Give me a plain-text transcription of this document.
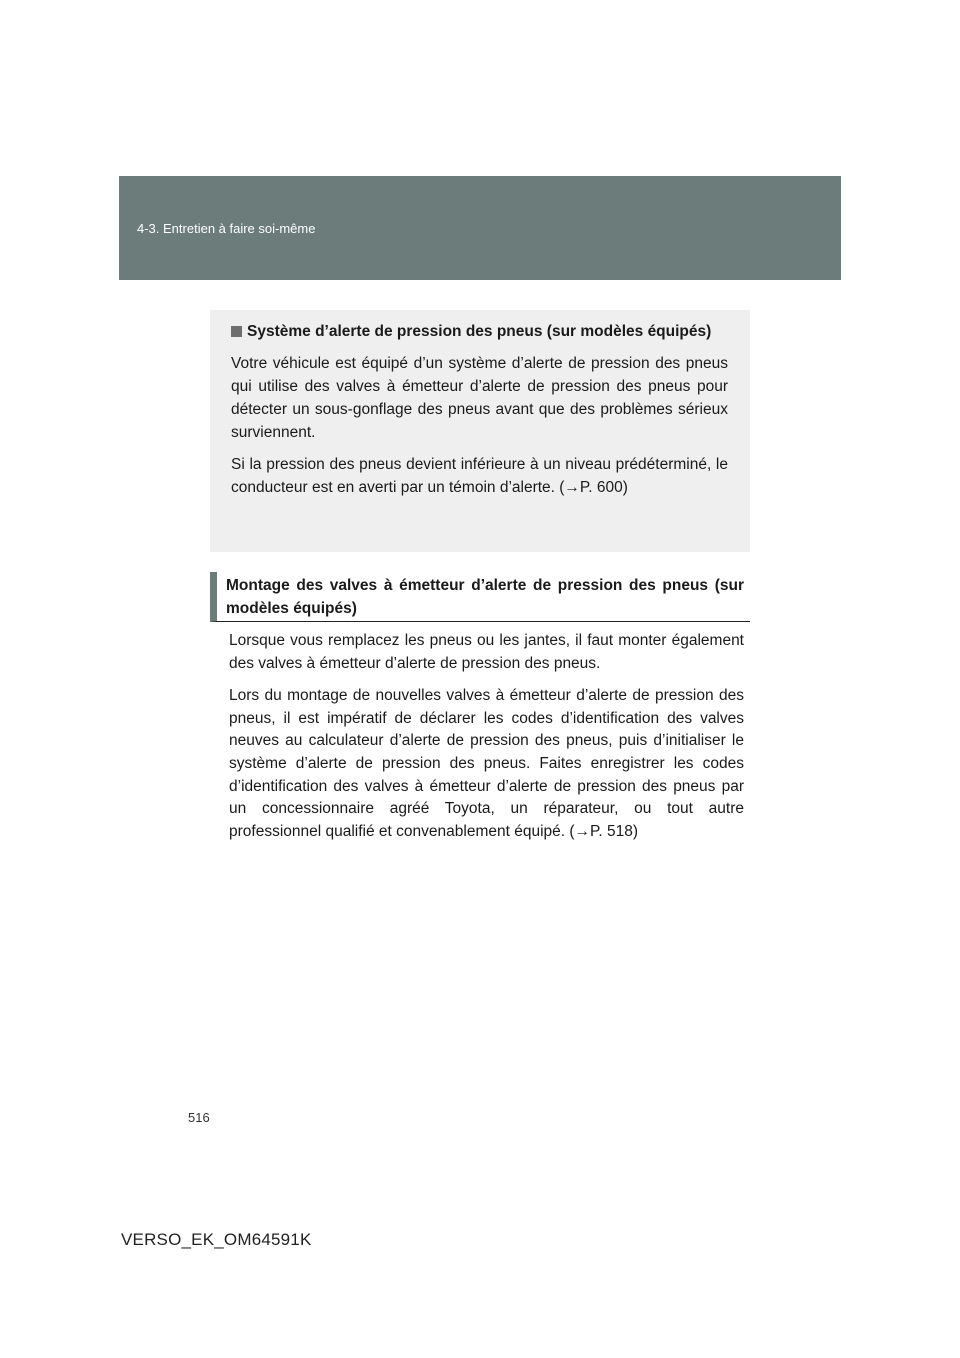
4-3. Entretien à faire soi-même
Système d’alerte de pression des pneus (sur modèles équipés)
Votre véhicule est équipé d’un système d’alerte de pression des pneus qui utilise des valves à émetteur d’alerte de pression des pneus pour détecter un sous-gonflage des pneus avant que des problèmes sérieux surviennent.
Si la pression des pneus devient inférieure à un niveau prédéterminé, le conducteur est en averti par un témoin d’alerte. (→P. 600)
Montage des valves à émetteur d’alerte de pression des pneus (sur modèles équipés)

Lorsque vous remplacez les pneus ou les jantes, il faut monter également des valves à émetteur d’alerte de pression des pneus.

Lors du montage de nouvelles valves à émetteur d’alerte de pression des pneus, il est impératif de déclarer les codes d’identification des valves neuves au calculateur d’alerte de pression des pneus, puis d’initialiser le système d’alerte de pression des pneus. Faites enregistrer les codes d’identification des valves à émetteur d’alerte de pression des pneus par un concessionnaire agréé Toyota, un réparateur, ou tout autre professionnel qualifié et convenablement équipé. (→P. 518)

516
VERSO_EK_OM64591K
